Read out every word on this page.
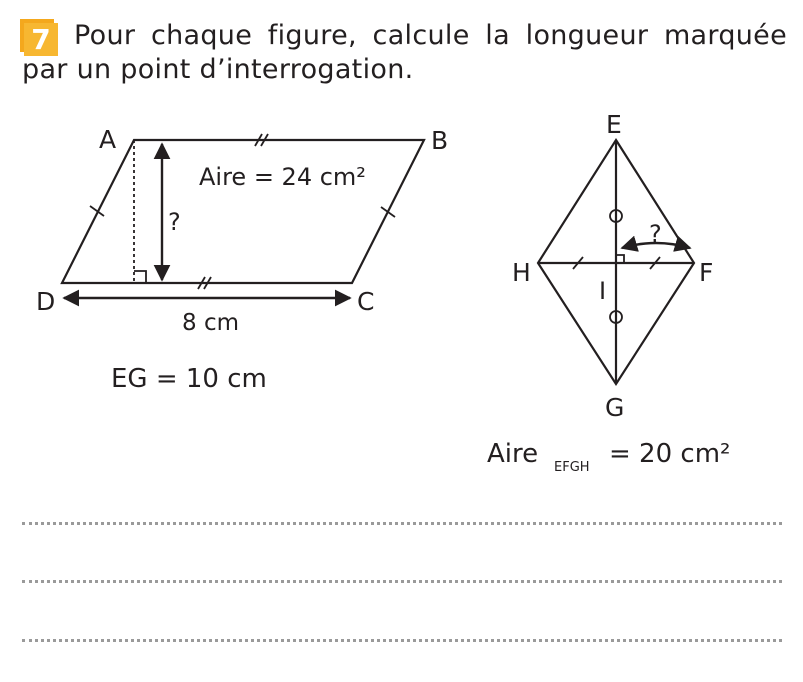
7 Pour chaque figure, calcule la longueur marquée
par un point d’interrogation.
A	B
C
D
Aire = 24 cm²
?
8 cm
EG = 10 cm
E
F
G
H
I
?
Aire EFGH = 20 cm²
